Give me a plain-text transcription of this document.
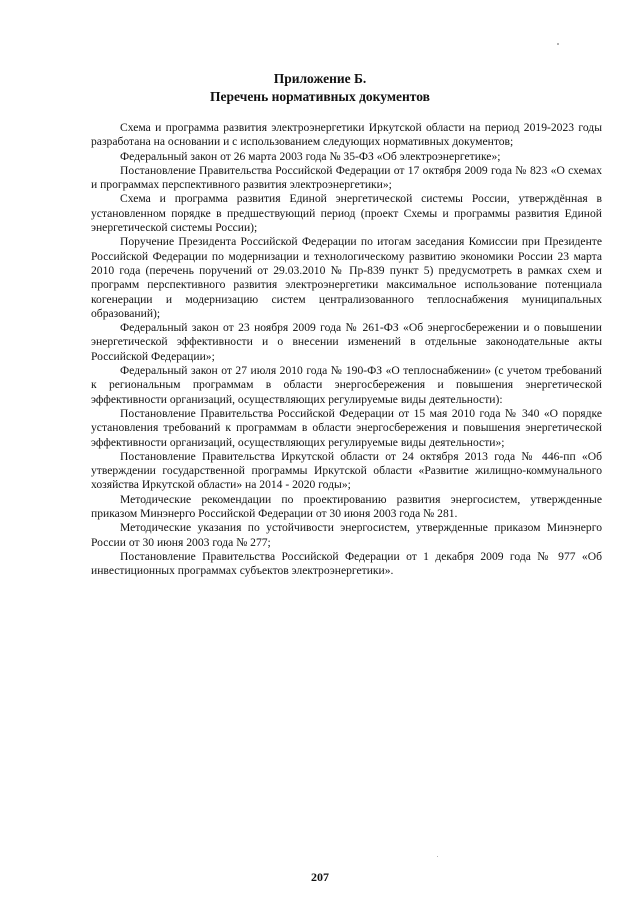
Приложение Б.
Перечень нормативных документов

Схема и программа развития электроэнергетики Иркутской области на период 2019-2023 годы разработана на основании и с использованием следующих нормативных документов;

Федеральный закон от 26 марта 2003 года № 35-ФЗ «Об электроэнергетике»;

Постановление Правительства Российской Федерации от 17 октября 2009 года № 823 «О схемах и программах перспективного развития электроэнергетики»;

Схема и программа развития Единой энергетической системы России, утверждённая в установленном порядке в предшествующий период (проект Схемы и программы развития Единой энергетической системы России);

Поручение Президента Российской Федерации по итогам заседания Комиссии при Президенте Российской Федерации по модернизации и технологическому развитию экономики России 23 марта 2010 года (перечень поручений от 29.03.2010 № Пр-839 пункт 5) предусмотреть в рамках схем и программ перспективного развития электроэнергетики максимальное использование потенциала когенерации и модернизацию систем централизованного теплоснабжения муниципальных образований);

Федеральный закон от 23 ноября 2009 года № 261-ФЗ «Об энергосбережении и о повышении энергетической эффективности и о внесении изменений в отдельные законодательные акты Российской Федерации»;

Федеральный закон от 27 июля 2010 года № 190-ФЗ «О теплоснабжении» (с учетом требований к региональным программам в области энергосбережения и повышения энергетической эффективности организаций, осуществляющих регулируемые виды деятельности):

Постановление Правительства Российской Федерации от 15 мая 2010 года № 340 «О порядке установления требований к программам в области энергосбережения и повышения энергетической эффективности организаций, осуществляющих регулируемые виды деятельности»;

Постановление Правительства Иркутской области от 24 октября 2013 года № 446-пп «Об утверждении государственной программы Иркутской области «Развитие жилищно-коммунального хозяйства Иркутской области» на 2014 - 2020 годы»;

Методические рекомендации по проектированию развития энергосистем, утвержденные приказом Минэнерго Российской Федерации от 30 июня 2003 года № 281.

Методические указания по устойчивости энергосистем, утвержденные приказом Минэнерго России от 30 июня 2003 года № 277;

Постановление Правительства Российской Федерации от 1 декабря 2009 года № 977 «Об инвестиционных программах субъектов электроэнергетики».

207
